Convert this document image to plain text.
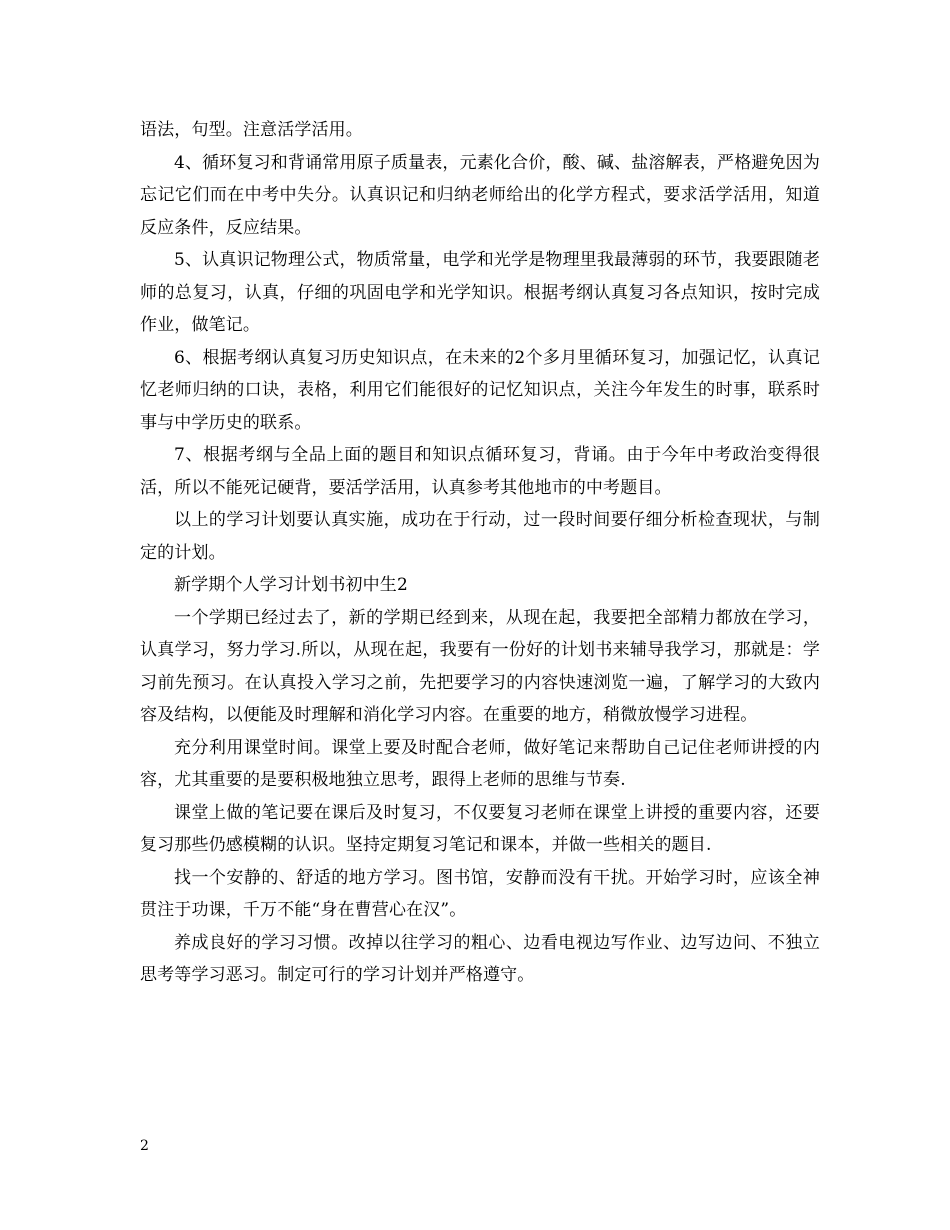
语法，句型。注意活学活用。

4、循环复习和背诵常用原子质量表，元素化合价，酸、碱、盐溶解表，严格避免因为忘记它们而在中考中失分。认真识记和归纳老师给出的化学方程式，要求活学活用，知道反应条件，反应结果。

5、认真识记物理公式，物质常量，电学和光学是物理里我最薄弱的环节，我要跟随老师的总复习，认真，仔细的巩固电学和光学知识。根据考纲认真复习各点知识，按时完成作业，做笔记。

6、根据考纲认真复习历史知识点，在未来的2个多月里循环复习，加强记忆，认真记忆老师归纳的口诀，表格，利用它们能很好的记忆知识点，关注今年发生的时事，联系时事与中学历史的联系。

7、根据考纲与全品上面的题目和知识点循环复习，背诵。由于今年中考政治变得很活，所以不能死记硬背，要活学活用，认真参考其他地市的中考题目。

以上的学习计划要认真实施，成功在于行动，过一段时间要仔细分析检查现状，与制定的计划。

新学期个人学习计划书初中生2

一个学期已经过去了，新的学期已经到来，从现在起，我要把全部精力都放在学习，认真学习，努力学习.所以，从现在起，我要有一份好的计划书来辅导我学习，那就是：学习前先预习。在认真投入学习之前，先把要学习的内容快速浏览一遍，了解学习的大致内容及结构，以便能及时理解和消化学习内容。在重要的地方，稍微放慢学习进程。

充分利用课堂时间。课堂上要及时配合老师，做好笔记来帮助自己记住老师讲授的内容，尤其重要的是要积极地独立思考，跟得上老师的思维与节奏.

课堂上做的笔记要在课后及时复习，不仅要复习老师在课堂上讲授的重要内容，还要复习那些仍感模糊的认识。坚持定期复习笔记和课本，并做一些相关的题目.

找一个安静的、舒适的地方学习。图书馆，安静而没有干扰。开始学习时，应该全神贯注于功课，千万不能“身在曹营心在汉”。

养成良好的学习习惯。改掉以往学习的粗心、边看电视边写作业、边写边问、不独立思考等学习恶习。制定可行的学习计划并严格遵守。

2
